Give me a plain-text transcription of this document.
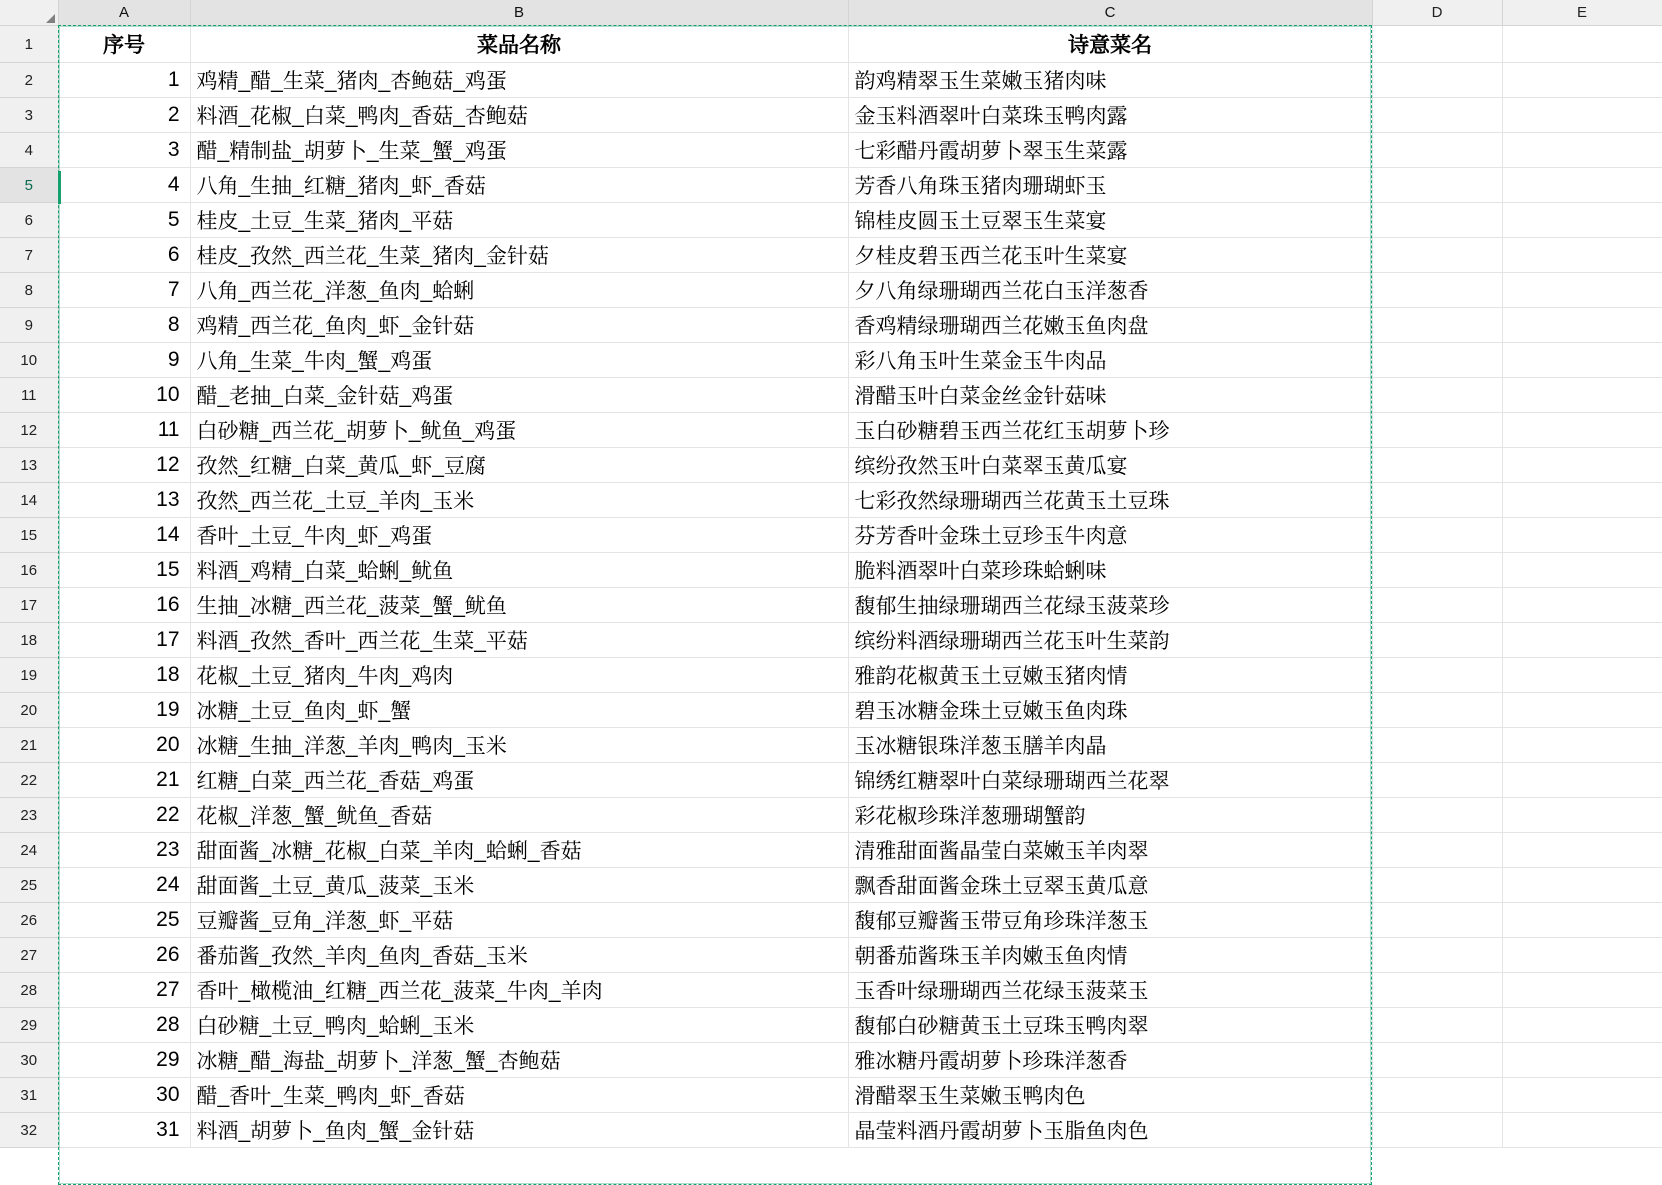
	A	B	C	D	E
1	序号	菜品名称	诗意菜名		
2	1	鸡精_醋_生菜_猪肉_杏鲍菇_鸡蛋	韵鸡精翠玉生菜嫩玉猪肉味		
3	2	料酒_花椒_白菜_鸭肉_香菇_杏鲍菇	金玉料酒翠叶白菜珠玉鸭肉露		
4	3	醋_精制盐_胡萝卜_生菜_蟹_鸡蛋	七彩醋丹霞胡萝卜翠玉生菜露		
5	4	八角_生抽_红糖_猪肉_虾_香菇	芳香八角珠玉猪肉珊瑚虾玉		
6	5	桂皮_土豆_生菜_猪肉_平菇	锦桂皮圆玉土豆翠玉生菜宴		
7	6	桂皮_孜然_西兰花_生菜_猪肉_金针菇	夕桂皮碧玉西兰花玉叶生菜宴		
8	7	八角_西兰花_洋葱_鱼肉_蛤蜊	夕八角绿珊瑚西兰花白玉洋葱香		
9	8	鸡精_西兰花_鱼肉_虾_金针菇	香鸡精绿珊瑚西兰花嫩玉鱼肉盘		
10	9	八角_生菜_牛肉_蟹_鸡蛋	彩八角玉叶生菜金玉牛肉品		
11	10	醋_老抽_白菜_金针菇_鸡蛋	滑醋玉叶白菜金丝金针菇味		
12	11	白砂糖_西兰花_胡萝卜_鱿鱼_鸡蛋	玉白砂糖碧玉西兰花红玉胡萝卜珍		
13	12	孜然_红糖_白菜_黄瓜_虾_豆腐	缤纷孜然玉叶白菜翠玉黄瓜宴		
14	13	孜然_西兰花_土豆_羊肉_玉米	七彩孜然绿珊瑚西兰花黄玉土豆珠		
15	14	香叶_土豆_牛肉_虾_鸡蛋	芬芳香叶金珠土豆珍玉牛肉意		
16	15	料酒_鸡精_白菜_蛤蜊_鱿鱼	脆料酒翠叶白菜珍珠蛤蜊味		
17	16	生抽_冰糖_西兰花_菠菜_蟹_鱿鱼	馥郁生抽绿珊瑚西兰花绿玉菠菜珍		
18	17	料酒_孜然_香叶_西兰花_生菜_平菇	缤纷料酒绿珊瑚西兰花玉叶生菜韵		
19	18	花椒_土豆_猪肉_牛肉_鸡肉	雅韵花椒黄玉土豆嫩玉猪肉情		
20	19	冰糖_土豆_鱼肉_虾_蟹	碧玉冰糖金珠土豆嫩玉鱼肉珠		
21	20	冰糖_生抽_洋葱_羊肉_鸭肉_玉米	玉冰糖银珠洋葱玉膳羊肉晶		
22	21	红糖_白菜_西兰花_香菇_鸡蛋	锦绣红糖翠叶白菜绿珊瑚西兰花翠		
23	22	花椒_洋葱_蟹_鱿鱼_香菇	彩花椒珍珠洋葱珊瑚蟹韵		
24	23	甜面酱_冰糖_花椒_白菜_羊肉_蛤蜊_香菇	清雅甜面酱晶莹白菜嫩玉羊肉翠		
25	24	甜面酱_土豆_黄瓜_菠菜_玉米	飘香甜面酱金珠土豆翠玉黄瓜意		
26	25	豆瓣酱_豆角_洋葱_虾_平菇	馥郁豆瓣酱玉带豆角珍珠洋葱玉		
27	26	番茄酱_孜然_羊肉_鱼肉_香菇_玉米	朝番茄酱珠玉羊肉嫩玉鱼肉情		
28	27	香叶_橄榄油_红糖_西兰花_菠菜_牛肉_羊肉	玉香叶绿珊瑚西兰花绿玉菠菜玉		
29	28	白砂糖_土豆_鸭肉_蛤蜊_玉米	馥郁白砂糖黄玉土豆珠玉鸭肉翠		
30	29	冰糖_醋_海盐_胡萝卜_洋葱_蟹_杏鲍菇	雅冰糖丹霞胡萝卜珍珠洋葱香		
31	30	醋_香叶_生菜_鸭肉_虾_香菇	滑醋翠玉生菜嫩玉鸭肉色		
32	31	料酒_胡萝卜_鱼肉_蟹_金针菇	晶莹料酒丹霞胡萝卜玉脂鱼肉色		
